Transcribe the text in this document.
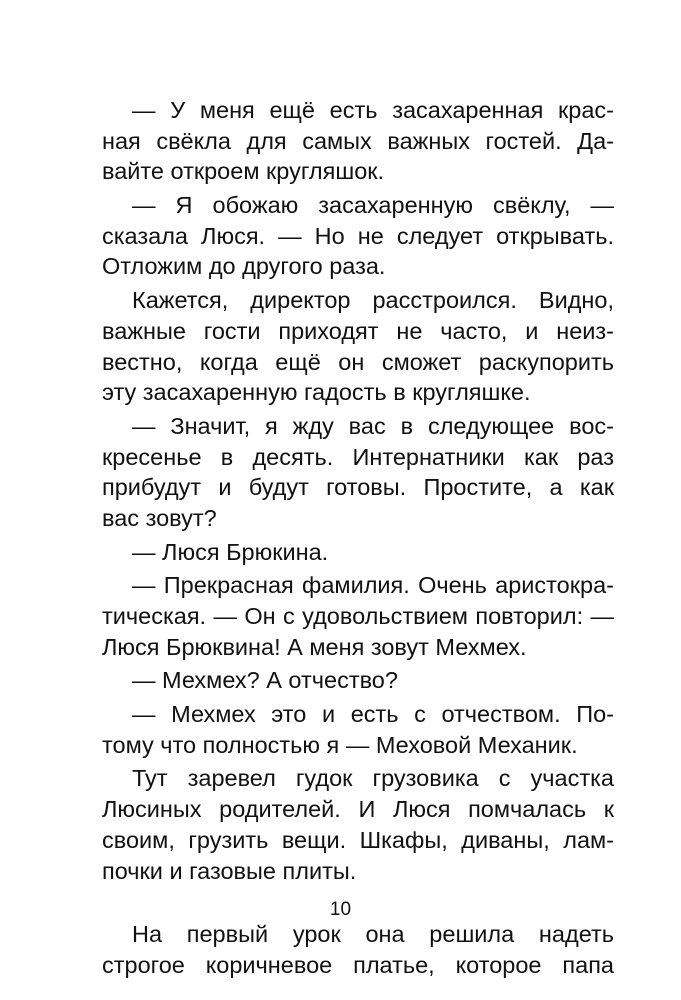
— У меня ещё есть засахаренная крас-
ная свёкла для самых важных гостей. Да-
вайте откроем кругляшок.
— Я обожаю засахаренную свёклу, —
сказала Люся. — Но не следует открывать.
Отложим до другого раза.
Кажется, директор расстроился. Видно,
важные гости приходят не часто, и неиз-
вестно, когда ещё он сможет раскупорить
эту засахаренную гадость в кругляшке.
— Значит, я жду вас в следующее вос-
кресенье в десять. Интернатники как раз
прибудут и будут готовы. Простите, а как
вас зовут?
— Люся Брюкина.
— Прекрасная фамилия. Очень аристокра-
тическая. — Он с удовольствием повторил: —
Люся Брюквина! А меня зовут Мехмех.
— Мехмех? А отчество?
— Мехмех это и есть с отчеством. По-
тому что полностью я — Меховой Механик.
Тут заревел гудок грузовика с участка
Люсиных родителей. И Люся помчалась к
своим, грузить вещи. Шкафы, диваны, лам-
почки и газовые плиты.
На первый урок она решила надеть
строгое коричневое платье, которое папа
10
